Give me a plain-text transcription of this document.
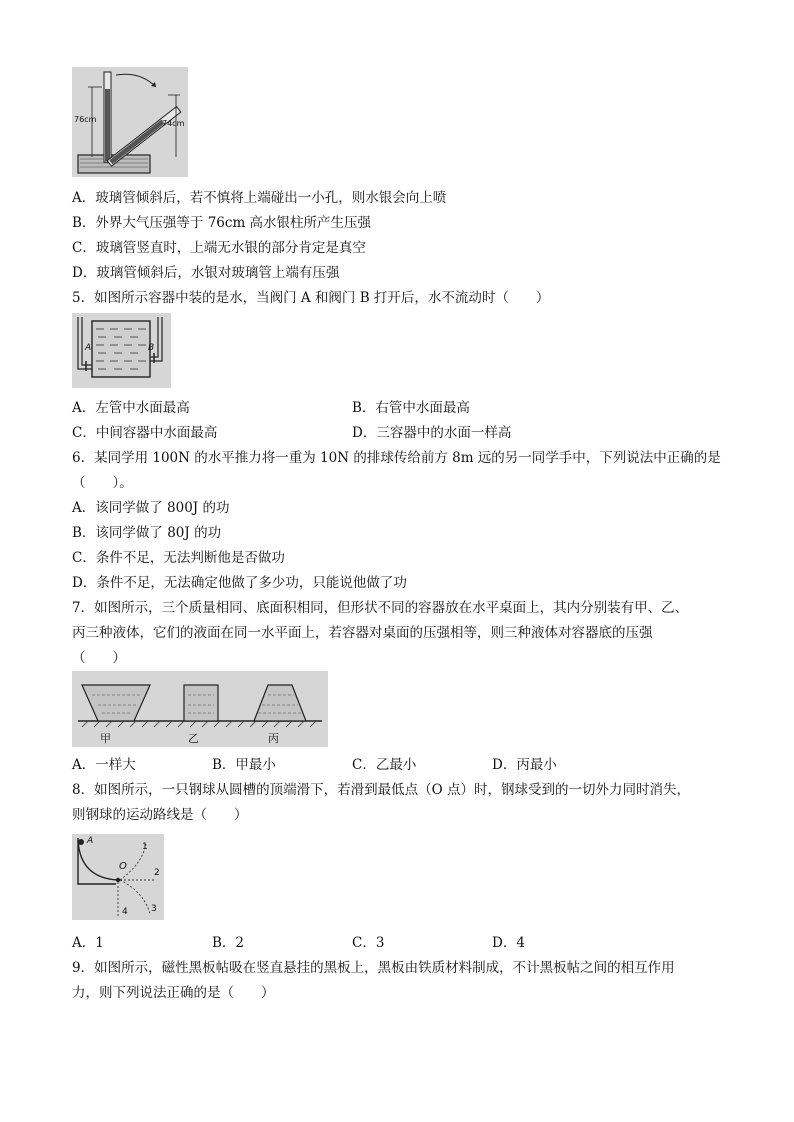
76cm	74cm
A．玻璃管倾斜后，若不慎将上端碰出一小孔，则水银会向上喷
B．外界大气压强等于 76cm 高水银柱所产生压强
C．玻璃管竖直时，上端无水银的部分肯定是真空
D．玻璃管倾斜后，水银对玻璃管上端有压强
5．如图所示容器中装的是水，当阀门 A 和阀门 B 打开后，水不流动时（　　）
A	B
A．左管中水面最高	B．右管中水面最高
C．中间容器中水面最高	D．三容器中的水面一样高
6．某同学用 100N 的水平推力将一重为 10N 的排球传给前方 8m 远的另一同学手中，下列说法中正确的是
（　　）。
A．该同学做了 800J 的功
B．该同学做了 80J 的功
C．条件不足，无法判断他是否做功
D．条件不足，无法确定他做了多少功，只能说他做了功
7．如图所示，三个质量相同、底面积相同，但形状不同的容器放在水平桌面上，其内分别装有甲、乙、
丙三种液体，它们的液面在同一水平面上，若容器对桌面的压强相等，则三种液体对容器底的压强
（　　）
甲	乙	丙
A．一样大	B．甲最小	C．乙最小	D．丙最小
8．如图所示，一只钢球从圆槽的顶端滑下，若滑到最低点（O 点）时，钢球受到的一切外力同时消失，
则钢球的运动路线是（　　）
A
O
1
2
3
4
A．1	B．2	C．3	D．4
9．如图所示，磁性黑板帖吸在竖直悬挂的黑板上，黑板由铁质材料制成，不计黑板帖之间的相互作用
力，则下列说法正确的是（　　）
